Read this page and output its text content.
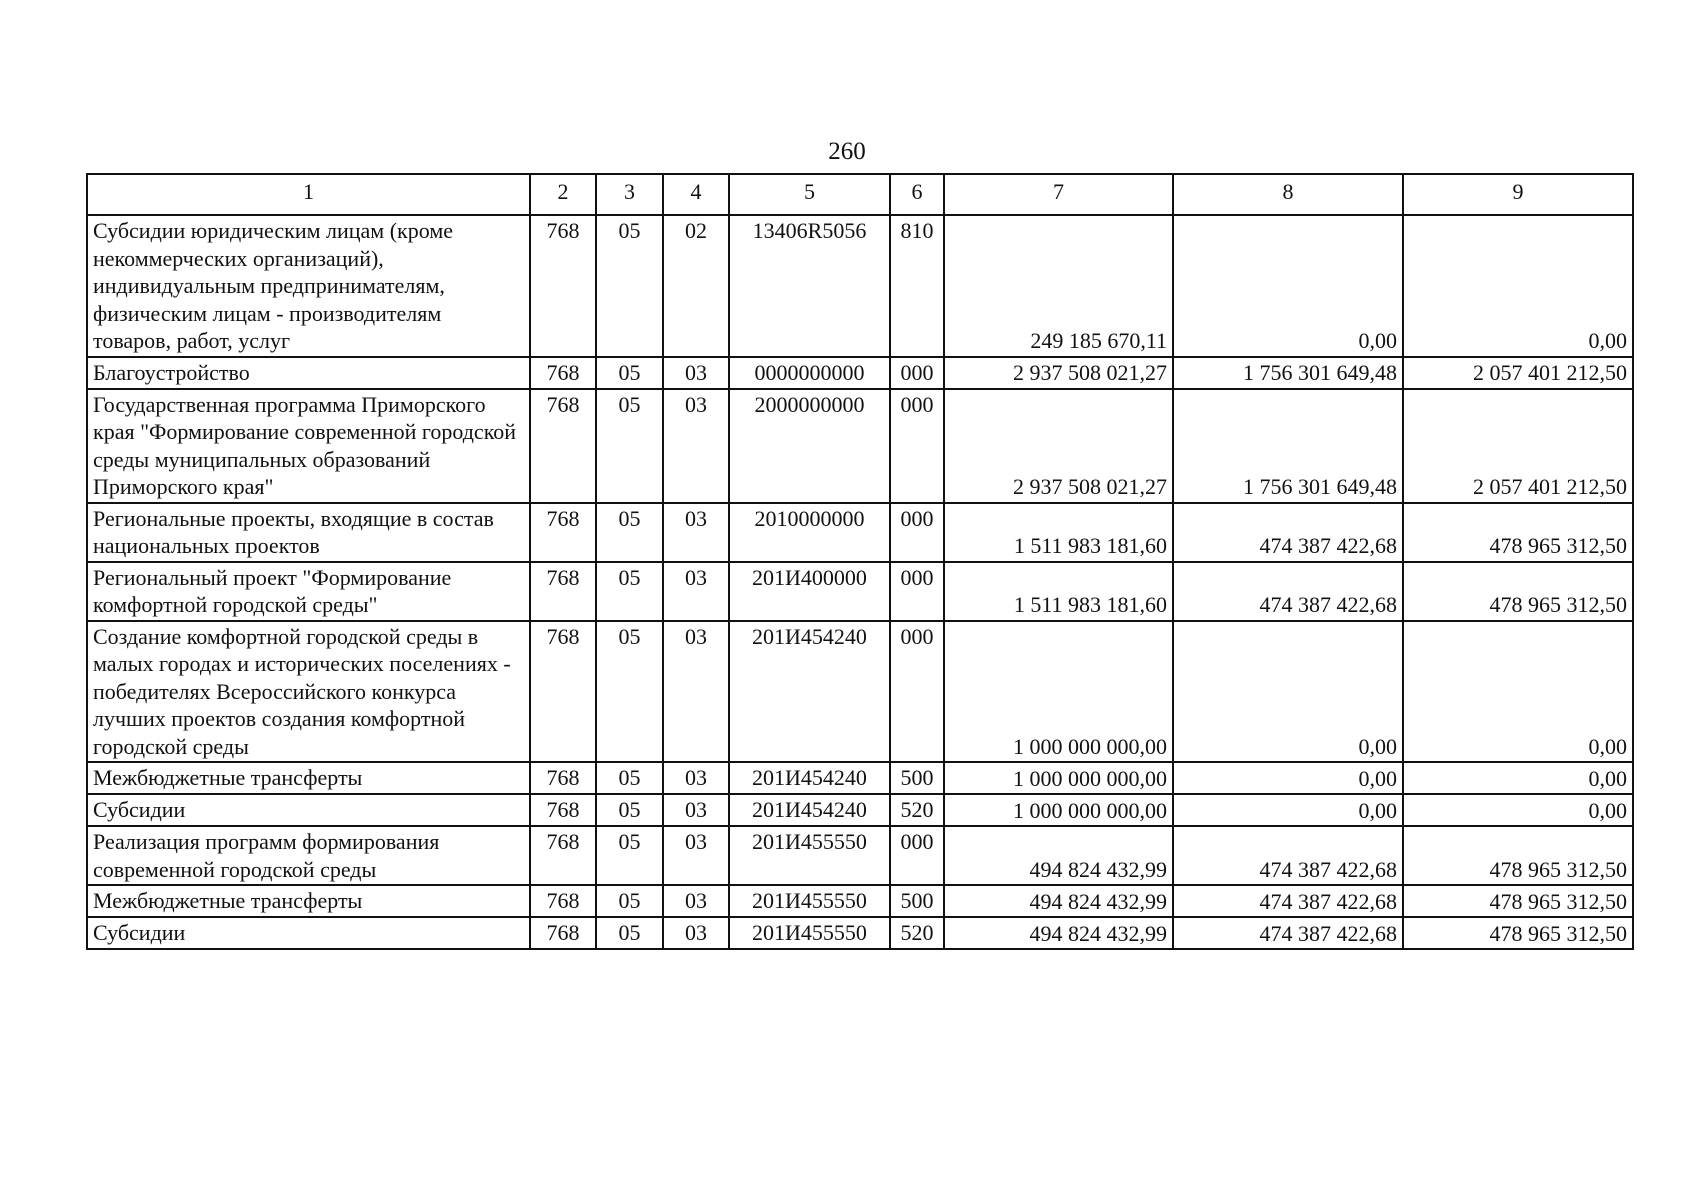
260
1	2	3	4	5	6	7	8	9
Субсидии юридическим лицам (кроме некоммерческих организаций), индивидуальным предпринимателям, физическим лицам - производителям товаров, работ, услуг	768	05	02	13406R5056	810	249 185 670,11	0,00	0,00
Благоустройство	768	05	03	0000000000	000	2 937 508 021,27	1 756 301 649,48	2 057 401 212,50
Государственная программа Приморского края "Формирование современной городской среды муниципальных образований Приморского края"	768	05	03	2000000000	000	2 937 508 021,27	1 756 301 649,48	2 057 401 212,50
Региональные проекты, входящие в состав национальных проектов	768	05	03	2010000000	000	1 511 983 181,60	474 387 422,68	478 965 312,50
Региональный проект "Формирование комфортной городской среды"	768	05	03	201И400000	000	1 511 983 181,60	474 387 422,68	478 965 312,50
Создание комфортной городской среды в малых городах и исторических поселениях - победителях Всероссийского конкурса лучших проектов создания комфортной городской среды	768	05	03	201И454240	000	1 000 000 000,00	0,00	0,00
Межбюджетные трансферты	768	05	03	201И454240	500	1 000 000 000,00	0,00	0,00
Субсидии	768	05	03	201И454240	520	1 000 000 000,00	0,00	0,00
Реализация программ формирования современной городской среды	768	05	03	201И455550	000	494 824 432,99	474 387 422,68	478 965 312,50
Межбюджетные трансферты	768	05	03	201И455550	500	494 824 432,99	474 387 422,68	478 965 312,50
Субсидии	768	05	03	201И455550	520	494 824 432,99	474 387 422,68	478 965 312,50
